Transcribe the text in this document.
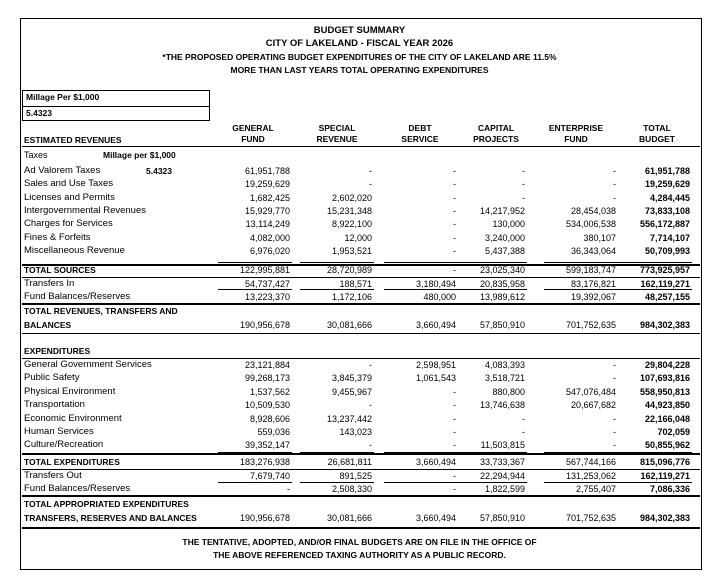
BUDGET SUMMARY
CITY OF LAKELAND - FISCAL YEAR 2026
*THE PROPOSED OPERATING BUDGET EXPENDITURES OF THE CITY OF LAKELAND ARE 11.5%
MORE THAN LAST YEARS TOTAL OPERATING EXPENDITURES
Millage Per $1,000
5.4323
GENERAL
FUND
SPECIAL
REVENUE
DEBT
SERVICE
CAPITAL
PROJECTS
ENTERPRISE
FUND
TOTAL
BUDGET
ESTIMATED REVENUES
Taxes	Millage per $1,000
Ad Valorem Taxes	5.4323	61,951,788	-	-	-	-	61,951,788
Sales and Use Taxes	19,259,629	-	-	-	-	19,259,629
Licenses and Permits	1,682,425	2,602,020	-	-	-	4,284,445
Intergovernmental Revenues	15,929,770	15,231,348	-	14,217,952	28,454,038	73,833,108
Charges for Services	13,114,249	8,922,100	-	130,000	534,006,538	556,172,887
Fines & Forfeits	4,082,000	12,000	-	3,240,000	380,107	7,714,107
Miscellaneous Revenue	6,976,020	1,953,521	-	5,437,388	36,343,064	50,709,993
TOTAL SOURCES	122,995,881	28,720,989	-	23,025,340	599,183,747	773,925,957
Transfers In	54,737,427	188,571	3,180,494	20,835,958	83,176,821	162,119,271
Fund Balances/Reserves	13,223,370	1,172,106	480,000	13,989,612	19,392,067	48,257,155
TOTAL REVENUES, TRANSFERS AND
BALANCES	190,956,678	30,081,666	3,660,494	57,850,910	701,752,635	984,302,383
EXPENDITURES
General Government Services	23,121,884	-	2,598,951	4,083,393	-	29,804,228
Public Safety	99,268,173	3,845,379	1,061,543	3,518,721	-	107,693,816
Physical Environment	1,537,562	9,455,967	-	880,800	547,076,484	558,950,813
Transportation	10,509,530	-	-	13,746,638	20,667,682	44,923,850
Economic Environment	8,928,606	13,237,442	-	-	-	22,166,048
Human Services	559,036	143,023	-	-	-	702,059
Culture/Recreation	39,352,147	-	-	11,503,815	-	50,855,962
TOTAL EXPENDITURES	183,276,938	26,681,811	3,660,494	33,733,367	567,744,166	815,096,776
Transfers Out	7,679,740	891,525	-	22,294,944	131,253,062	162,119,271
Fund Balances/Reserves	-	2,508,330	-	1,822,599	2,755,407	7,086,336
TOTAL APPROPRIATED EXPENDITURES
TRANSFERS, RESERVES AND BALANCES	190,956,678	30,081,666	3,660,494	57,850,910	701,752,635	984,302,383
THE TENTATIVE, ADOPTED, AND/OR FINAL BUDGETS ARE ON FILE IN THE OFFICE OF
THE ABOVE REFERENCED TAXING AUTHORITY AS A PUBLIC RECORD.
